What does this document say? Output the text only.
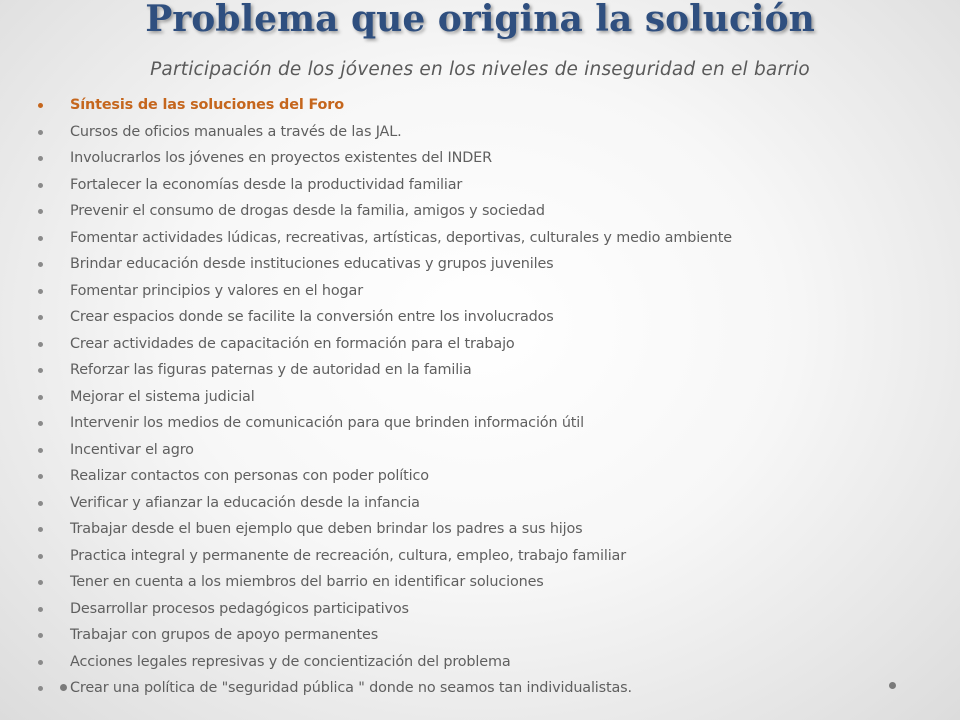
Problema que origina la solución

Participación de los jóvenes en los niveles de inseguridad en el barrio

Síntesis de las soluciones del Foro
Cursos de oficios manuales a través de las JAL.
Involucrarlos los jóvenes en proyectos existentes del INDER
Fortalecer la economías desde la productividad familiar
Prevenir el consumo de drogas desde la familia, amigos y sociedad
Fomentar actividades lúdicas, recreativas, artísticas, deportivas, culturales y medio ambiente
Brindar educación desde instituciones educativas y grupos juveniles
Fomentar principios y valores en el hogar
Crear espacios donde se facilite la conversión entre los involucrados
Crear actividades de capacitación en formación para el trabajo
Reforzar las figuras paternas y de autoridad en la familia
Mejorar el sistema judicial
Intervenir los medios de comunicación para que brinden información útil
Incentivar el agro
Realizar contactos con personas con poder político
Verificar y afianzar la educación desde la infancia
Trabajar desde el buen ejemplo que deben brindar los padres a sus hijos
Practica integral y permanente de recreación, cultura, empleo, trabajo familiar
Tener en cuenta a los miembros del barrio en identificar soluciones
Desarrollar procesos pedagógicos participativos
Trabajar con grupos de apoyo permanentes
Acciones legales represivas y de concientización del problema
Crear una política de "seguridad pública " donde no seamos tan individualistas.
